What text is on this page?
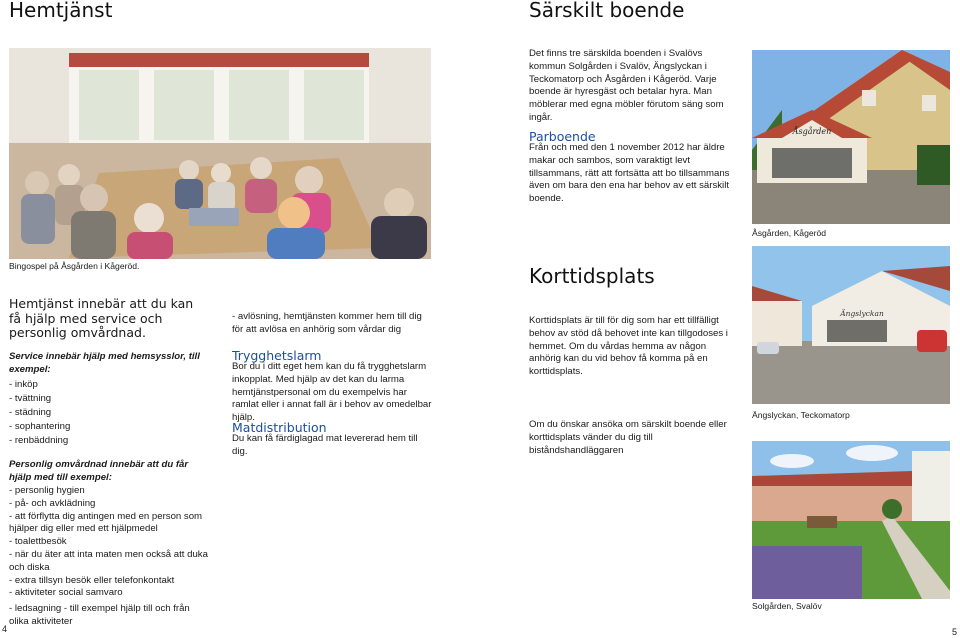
Hemtjänst
Bingospel på Åsgården i Kågeröd.
Hemtjänst innebär att du kan få hjälp med service och personlig omvårdnad.
Service innebär hjälp med hemsysslor, till exempel:
- inköp
- tvättning
- städning
- sophantering
- renbäddning
Personlig omvårdnad innebär att du får hjälp med till exempel:
- personlig hygien
- på- och avklädning
- att förflytta dig antingen med en person som hjälper dig eller med ett hjälpmedel
- toalettbesök
- när du äter att inta maten men också att duka och diska
- extra tillsyn besök eller telefonkontakt
- aktiviteter social samvaro
- ledsagning - till exempel hjälp till och från olika aktiviteter
- avlösning, hemtjänsten kommer hem till dig för att avlösa en anhörig som vårdar dig
Trygghetslarm
Bor du i ditt eget hem kan du få trygghetslarm inkopplat. Med hjälp av det kan du larma hemtjänstpersonal om du exempelvis har ramlat eller i annat fall är i behov av omedelbar hjälp.
Matdistribution
Du kan få färdiglagad mat levererad hem till dig.
4
Särskilt boende
Det finns tre särskilda boenden i Svalövs kommun Solgården i Svalöv, Ängslyckan i Teckomatorp och Åsgården i Kågeröd. Varje boende är hyresgäst och betalar hyra. Man möblerar med egna möbler förutom säng som ingår.
Parboende
Från och med den 1 november 2012 har äldre makar och sambos, som varaktigt levt tillsammans, rätt att fortsätta att bo tillsammans även om bara den ena har behov av ett särskilt boende.
Åsgården
Åsgården, Kågeröd
Korttidsplats
Korttidsplats är till för dig som har ett tillfälligt behov av stöd då behovet inte kan tillgodoses i hemmet. Om du vårdas hemma av någon anhörig kan du vid behov få komma på en korttidsplats.
Om du önskar ansöka om särskilt boende eller korttidsplats vänder du dig till biståndshandläggaren
Ängslyckan
Ängslyckan, Teckomatorp
Solgården, Svalöv
5
